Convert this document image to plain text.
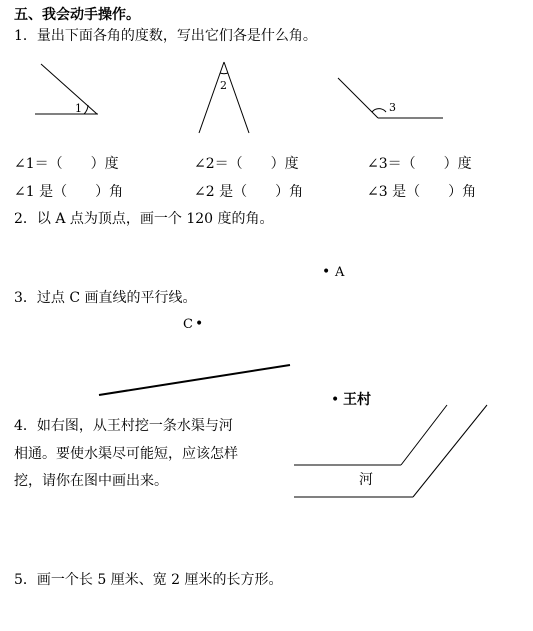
五、我会动手操作。
1．量出下面各角的度数，写出它们各是什么角。
1
2
3
∠1＝（　　）度	∠2＝（　　）度	∠3＝（　　）度
∠1 是（　　）角	∠2 是（　　）角	∠3 是（　　）角
2．以 A 点为顶点，画一个 120 度的角。
• A
3．过点 C 画直线的平行线。
C •
• 王村
4．如右图，从王村挖一条水渠与河
相通。要使水渠尽可能短，应该怎样
挖，请你在图中画出来。	河
5．画一个长 5 厘米、宽 2 厘米的长方形。
